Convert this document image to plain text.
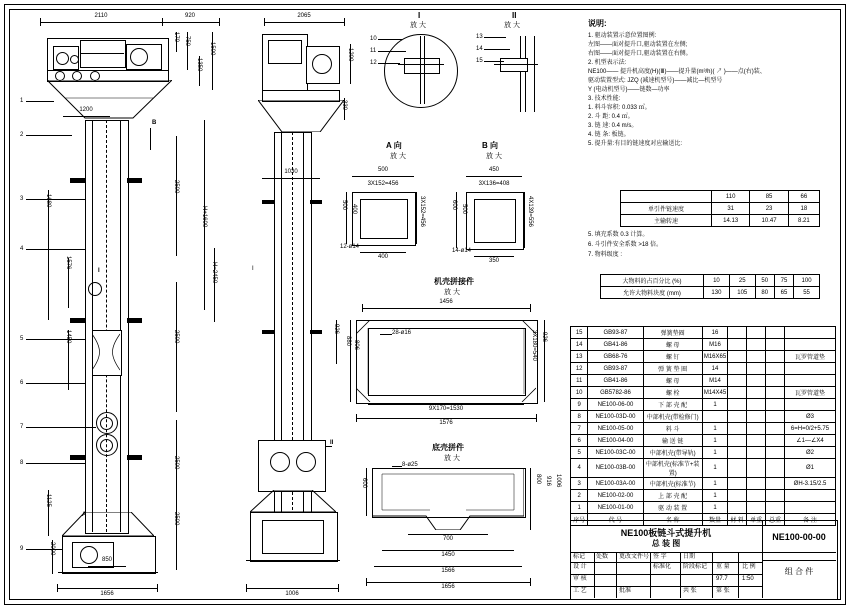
2110	920
170 750
1350
1500
1
2
1200
B
I
A
3
4
5
6
7
8
9
1680
1576
1450
1125
2000
2500
2500
2500
2500
H+1600
H=2450
850
1656
2065
1200
330
1030
I
II
926
1006
I
放 大
10
11
12
II
放 大
13
14
15
A 向
放 大
500
3X152=456
500 400	3X152=456
12-ø14
400
B 向
放 大
450
3X136=408
600 500	4X139=556
14-ø14
350
机壳拼接件
放 大
1456
28-ø16
880 806
926
3X180=540
9X170=1530
1576
底壳拼件
放 大
8-ø25
600	800 916 1006
700
1450
1566
1656
说明:
1. 驱动装置示意位置图例:
左图——面对提升口,驱动装置在左侧;
右图——面对提升口,驱动装置在右侧。
2. 机型表示法:
NE100—— 提升机高度(H)(Ⅲ)——提升量(m³/h)( ↗ )——点(右)装、
驱动装置型式: JZQ (减速机型号)——减比—机型号
Y (电动机型号)——链数—功率
3. 技术性能:
1. 料斗容积: 0.033 ㎥。
2. 斗 距: 0.4 ㎡。
3. 链 速: 0.4 m/s。
4. 链 条: 板链。
5. 提升量:有目的链速度对应输送比:
	110	85	66
单引件链速度	31	23	18
主输转速	14.13	10.47	8.21
5. 填充系数 0.3 计算。
6. 斗引件安全系数 >18 倍。
7. 物料级度 :
大物料的占百分比 (%)	10	25	50	75	100
允许大物料块度 (mm)	130	105	80	65	55
15	GB93-87	弹簧垫圈	16				
14	GB41-86	螺 母	M16				
13	GB68-76	螺 钉	M16X65				瓦罗管道垫
12	GB93-87	弹 簧 垫 圈	14				
11	GB41-86	螺 母	M14				
10	GB5782-86	螺 栓	M14X45				瓦罗管道垫
9	NE100-06-00	下 部 壳 配	1				
8	NE100-03D-00	中部机壳(带检修门)					Ø3
7	NE100-05-00	料 斗	1				6=H=0/2+5.75
6	NE100-04-00	输 送 链	1				∠1—∠X4
5	NE100-03C-00	中部机壳(带导轨)	1				Ø2
4	NE100-03B-00	中部机壳(标准节+装置)	1				Ø1
3	NE100-03A-00	中部机壳(标准节)	1				ØH-3.15/2.5
2	NE100-02-00	上 部 壳 配	1				
1	NE100-01-00	驱 动 装 置	1				
序号	代 号	名 称	数量	材 料	单重	总重	备 注
NE100板链斗式提升机
总 装 图
NE100-00-00
组 合 件
标记 处数 更改文件号 签 字	日期
设 计
审 核
工 艺
标准化
批准
阶段标记 重 量 比 例
97.7 1:50
共 张	第 张
